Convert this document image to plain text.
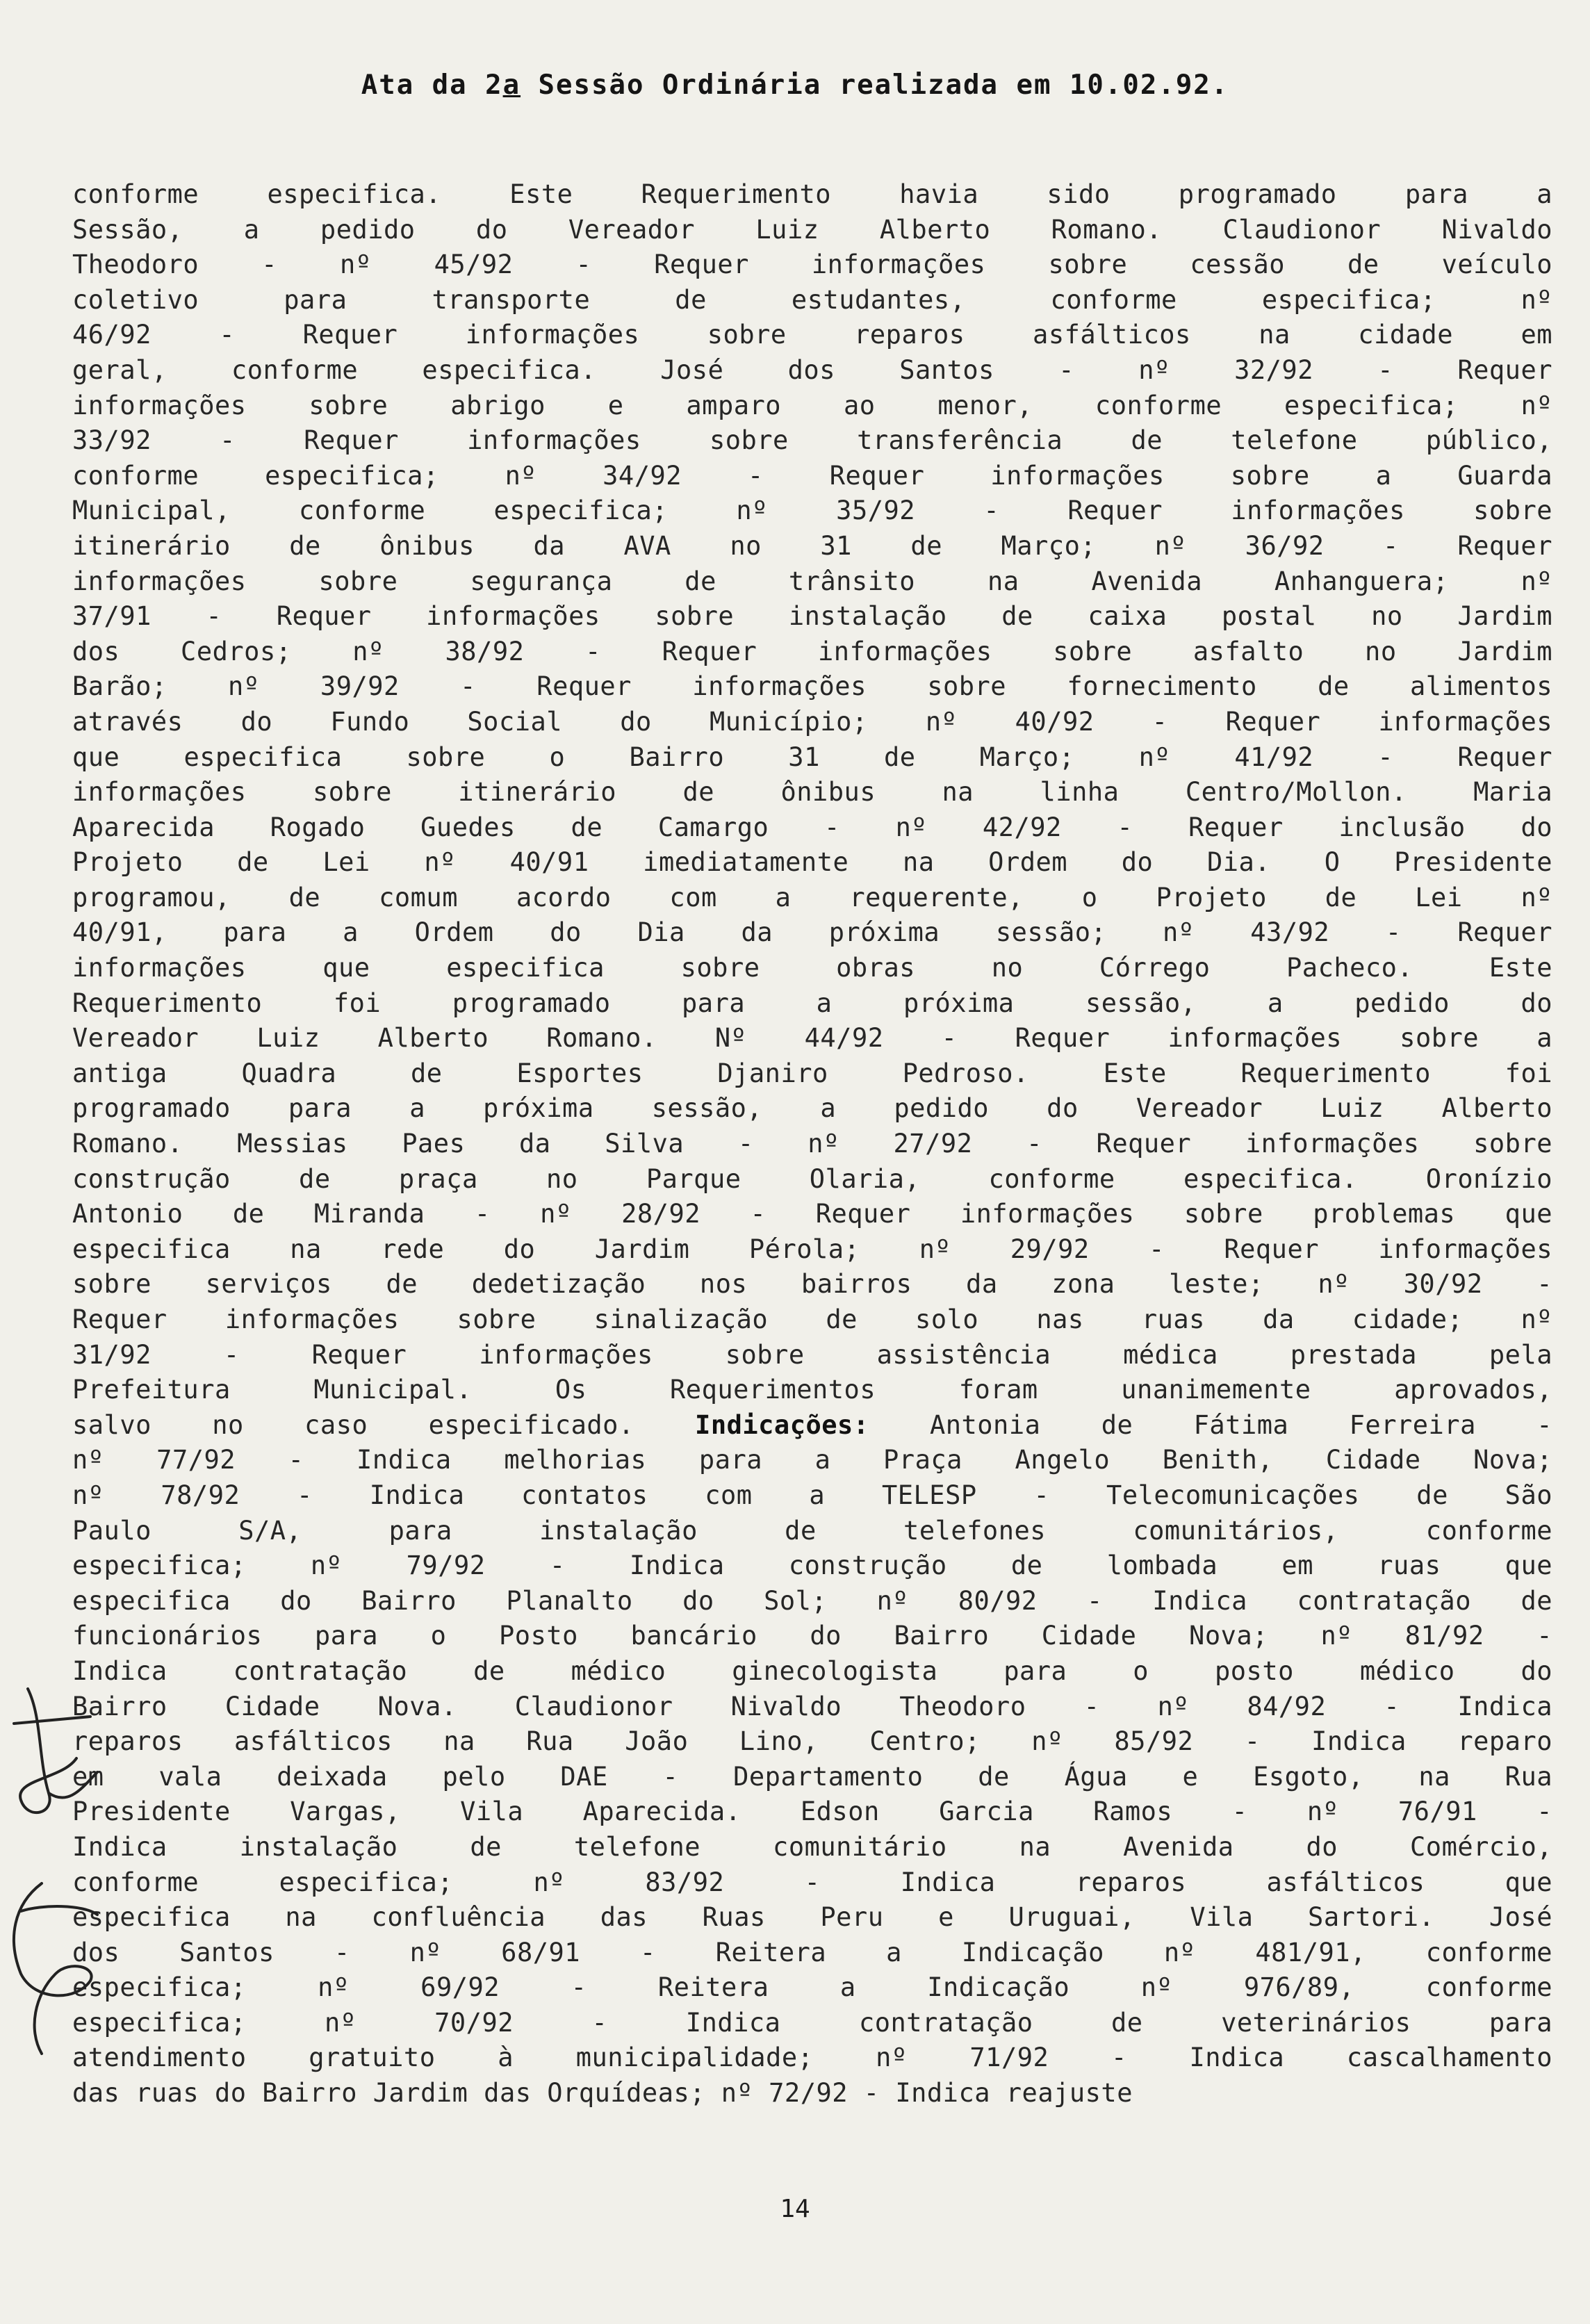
Ata da 2a Sessão Ordinária realizada em 10.02.92.
conforme especifica. Este Requerimento havia sido programado para a
Sessão, a pedido do Vereador Luiz Alberto Romano. Claudionor Nivaldo
Theodoro - nº 45/92 - Requer informações sobre cessão de veículo
coletivo para transporte de estudantes, conforme especifica; nº
46/92 - Requer informações sobre reparos asfálticos na cidade em
geral, conforme especifica. José dos Santos - nº 32/92 - Requer
informações sobre abrigo e amparo ao menor, conforme especifica; nº
33/92 - Requer informações sobre transferência de telefone público,
conforme especifica; nº 34/92 - Requer informações sobre a Guarda
Municipal, conforme especifica; nº 35/92 - Requer informações sobre
itinerário de ônibus da AVA no 31 de Março; nº 36/92 - Requer
informações sobre segurança de trânsito na Avenida Anhanguera; nº
37/91 - Requer informações sobre instalação de caixa postal no Jardim
dos Cedros; nº 38/92 - Requer informações sobre asfalto no Jardim
Barão; nº 39/92 - Requer informações sobre fornecimento de alimentos
através do Fundo Social do Município; nº 40/92 - Requer informações
que especifica sobre o Bairro 31 de Março; nº 41/92 - Requer
informações sobre itinerário de ônibus na linha Centro/Mollon. Maria
Aparecida Rogado Guedes de Camargo - nº 42/92 - Requer inclusão do
Projeto de Lei nº 40/91 imediatamente na Ordem do Dia. O Presidente
programou, de comum acordo com a requerente, o Projeto de Lei nº
40/91, para a Ordem do Dia da próxima sessão; nº 43/92 - Requer
informações que especifica sobre obras no Córrego Pacheco. Este
Requerimento foi programado para a próxima sessão, a pedido do
Vereador Luiz Alberto Romano. Nº 44/92 - Requer informações sobre a
antiga Quadra de Esportes Djaniro Pedroso. Este Requerimento foi
programado para a próxima sessão, a pedido do Vereador Luiz Alberto
Romano. Messias Paes da Silva - nº 27/92 - Requer informações sobre
construção de praça no Parque Olaria, conforme especifica. Oronízio
Antonio de Miranda - nº 28/92 - Requer informações sobre problemas que
especifica na rede do Jardim Pérola; nº 29/92 - Requer informações
sobre serviços de dedetização nos bairros da zona leste; nº 30/92 -
Requer informações sobre sinalização de solo nas ruas da cidade; nº
31/92 - Requer informações sobre assistência médica prestada pela
Prefeitura Municipal. Os Requerimentos foram unanimemente aprovados,
salvo no caso especificado. Indicações: Antonia de Fátima Ferreira -
nº 77/92 - Indica melhorias para a Praça Angelo Benith, Cidade Nova;
nº 78/92 - Indica contatos com a TELESP - Telecomunicações de São
Paulo S/A, para instalação de telefones comunitários, conforme
especifica; nº 79/92 - Indica construção de lombada em ruas que
especifica do Bairro Planalto do Sol; nº 80/92 - Indica contratação de
funcionários para o Posto bancário do Bairro Cidade Nova; nº 81/92 -
Indica contratação de médico ginecologista para o posto médico do
Bairro Cidade Nova. Claudionor Nivaldo Theodoro - nº 84/92 - Indica
reparos asfálticos na Rua João Lino, Centro; nº 85/92 - Indica reparo
em vala deixada pelo DAE - Departamento de Água e Esgoto, na Rua
Presidente Vargas, Vila Aparecida. Edson Garcia Ramos - nº 76/91 -
Indica instalação de telefone comunitário na Avenida do Comércio,
conforme especifica; nº 83/92 - Indica reparos asfálticos que
especifica na confluência das Ruas Peru e Uruguai, Vila Sartori. José
dos Santos - nº 68/91 - Reitera a Indicação nº 481/91, conforme
especifica; nº 69/92 - Reitera a Indicação nº 976/89, conforme
especifica; nº 70/92 - Indica contratação de veterinários para
atendimento gratuito à municipalidade; nº 71/92 - Indica cascalhamento
das ruas do Bairro Jardim das Orquídeas; nº 72/92 - Indica reajuste
14
